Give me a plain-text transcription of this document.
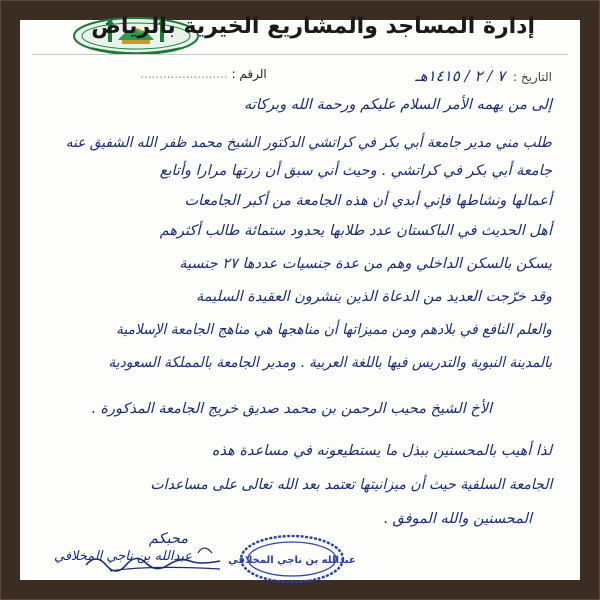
إدارة المساجد والمشاريع الخيرية بالرياض
التاريخ : ٧ / ٢ / ١٤١٥هـ
الرقم : .......................
إلى من يهمه الأمر السلام عليكم ورحمة الله وبركاته
طلب مني مدير جامعة أبي بكر في كراتشي الدكتور الشيخ محمد ظفر الله الشفيق عنه
جامعة أبي بكر في كراتشي . وحيث أني سبق أن زرتها مرارا وأتابع
أعمالها ونشاطها فإني أبدي أن هذه الجامعة من أكبر الجامعات
أهل الحديث في الباكستان عدد طلابها يحدود ستمائة طالب أكثرهم
يسكن بالسكن الداخلي وهم من عدة جنسيات عددها ٢٧ جنسية
وقد خرّجت العديد من الدعاة الذين ينشرون العقيدة السليمة
والعلم النافع في بلادهم ومن مميزاتها أن مناهجها هي مناهج الجامعة الإسلامية
بالمدينة النبوية والتدريس فيها باللغة العربية . ومدير الجامعة بالمملكة السعودية
الأخ الشيخ محيب الرحمن بن محمد صديق خريج الجامعة المذكورة .
لذا أهيب بالمحسنين ببذل ما يستطيعونه في مساعدة هذه
الجامعة السلفية حيث أن ميزانيتها تعتمد بعد الله تعالى على مساعدات
المحسنين والله الموفق .
محبكم
عبدالله بن ناجي المخلافي	عبدالله بن ناجي المخلافي
